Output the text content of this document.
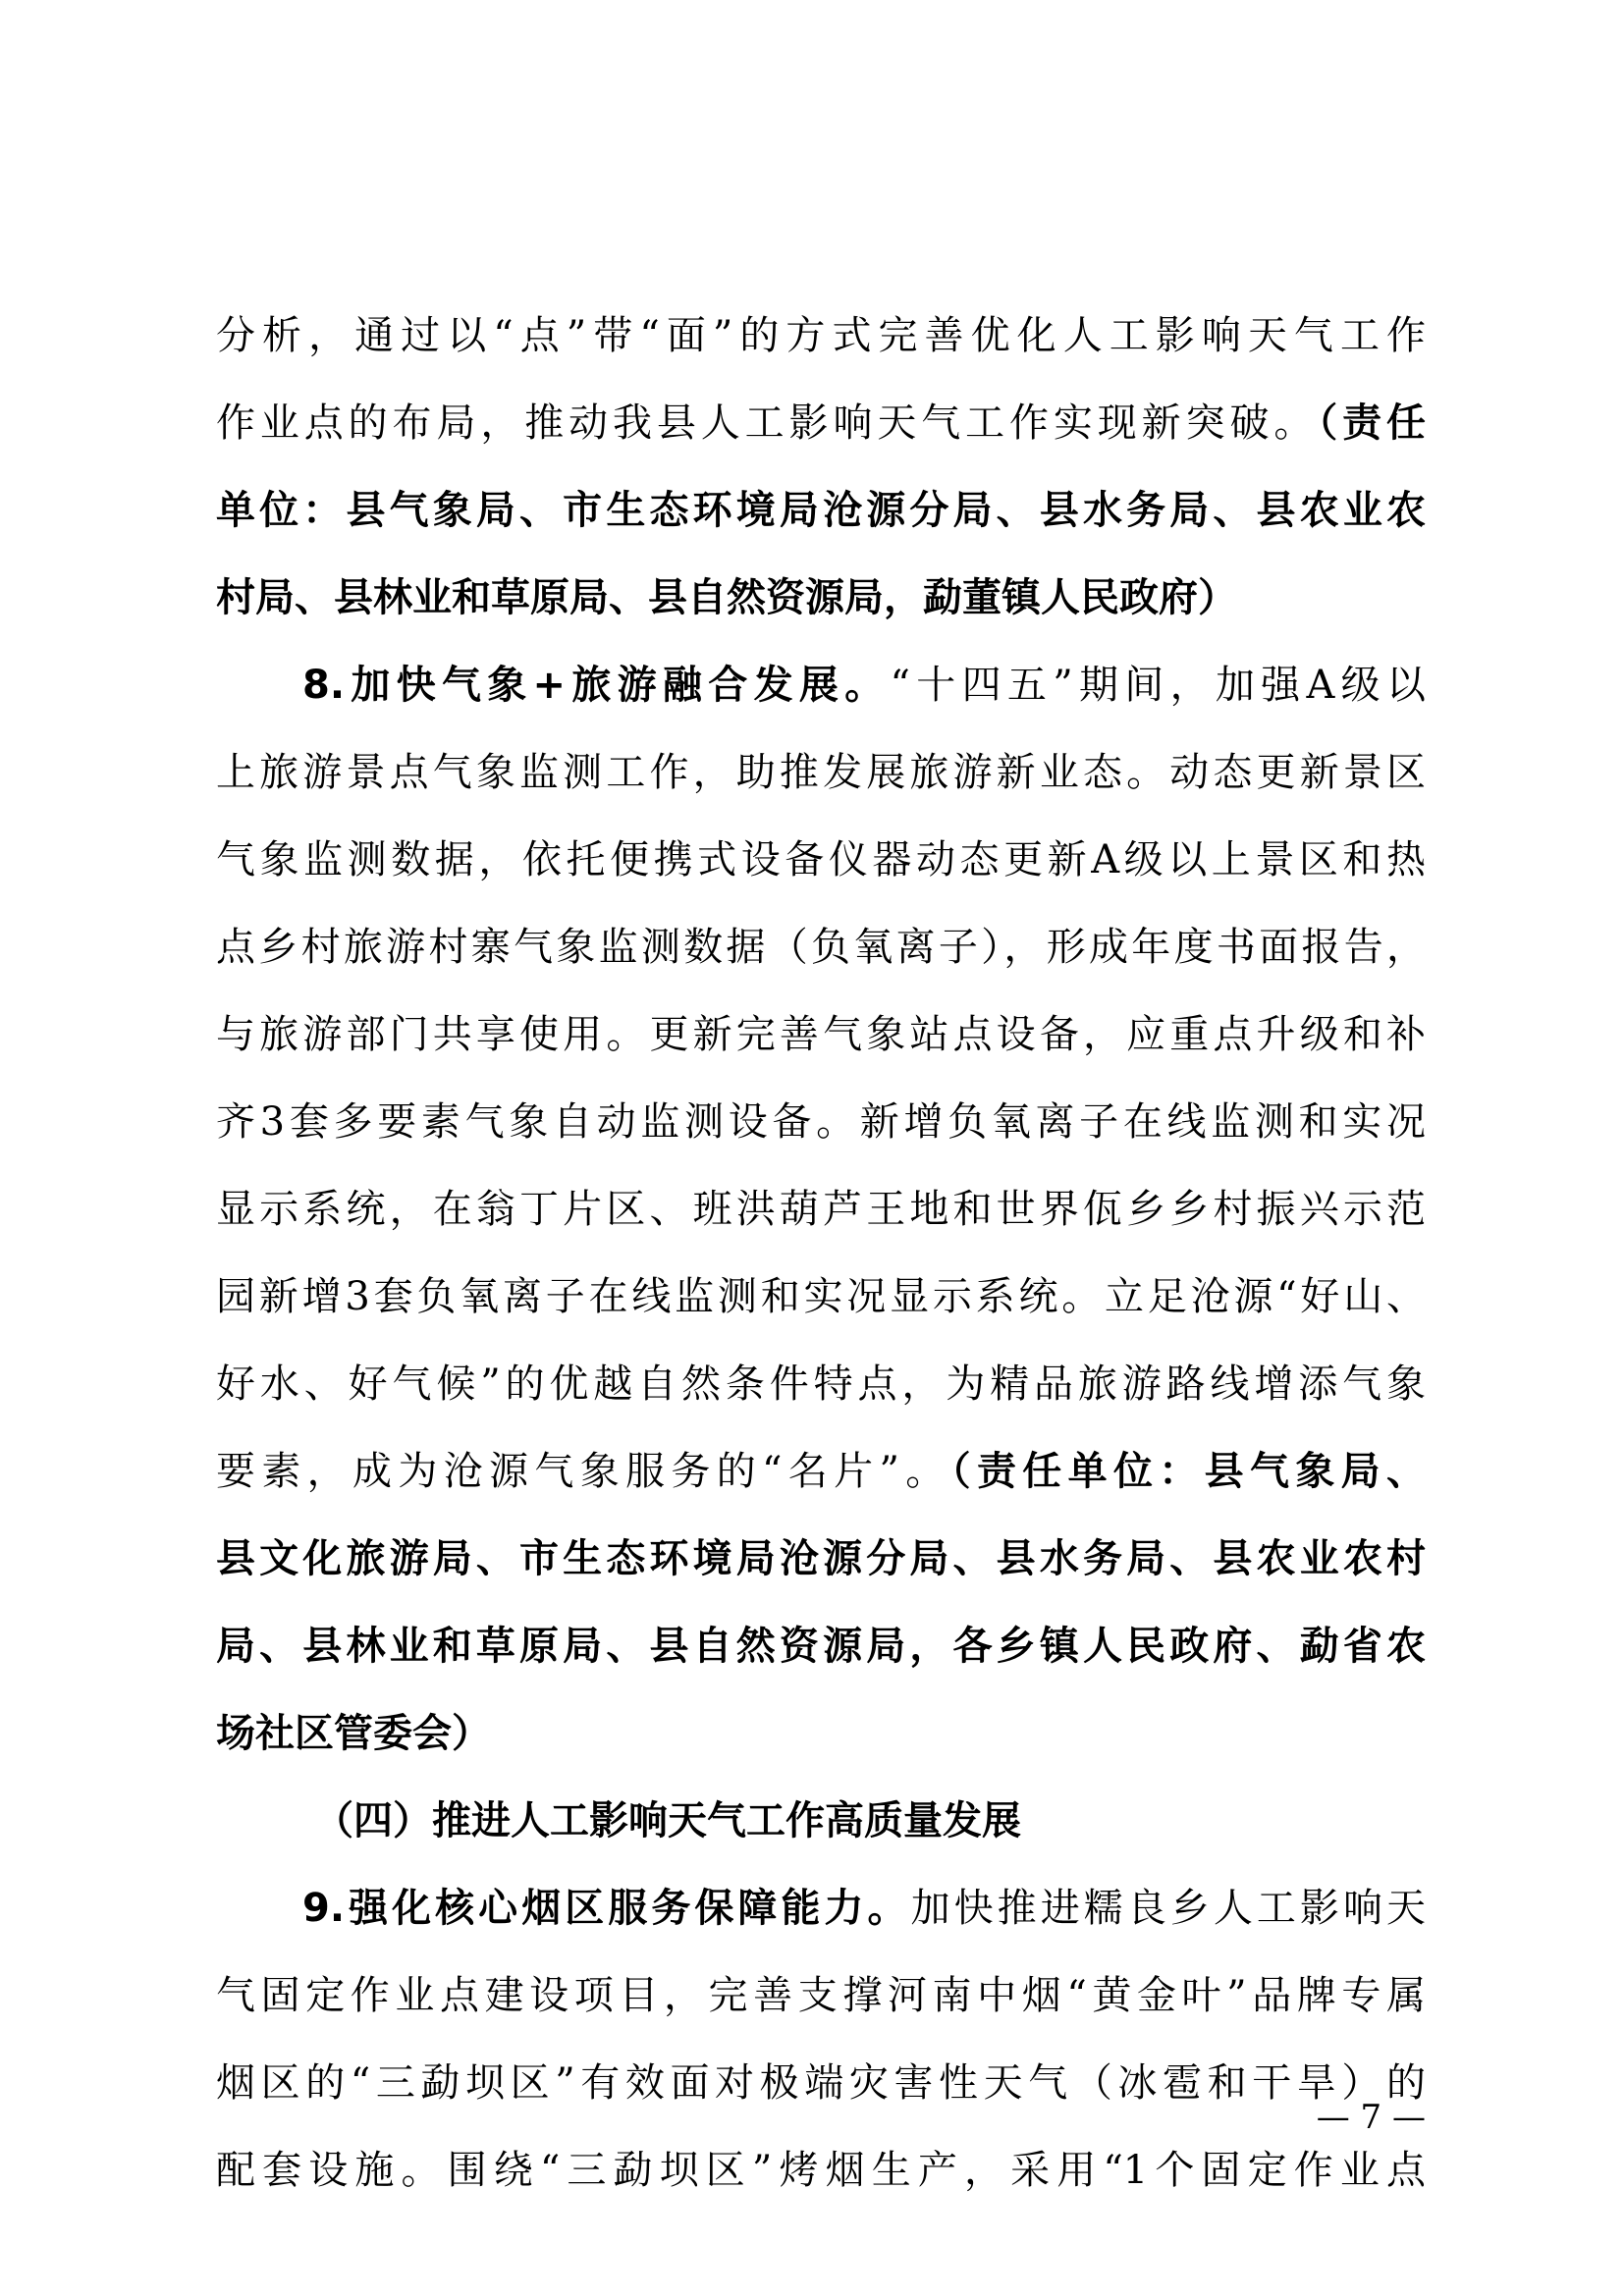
分析，通过以“点”带“面”的方式完善优化人工影响天气工作
作业点的布局，推动我县人工影响天气工作实现新突破。（责任
单位：县气象局、市生态环境局沧源分局、县水务局、县农业农
村局、县林业和草原局、县自然资源局，勐董镇人民政府）
8.加快气象+旅游融合发展。“十四五”期间，加强A级以
上旅游景点气象监测工作，助推发展旅游新业态。动态更新景区
气象监测数据，依托便携式设备仪器动态更新A级以上景区和热
点乡村旅游村寨气象监测数据（负氧离子），形成年度书面报告，
与旅游部门共享使用。更新完善气象站点设备，应重点升级和补
齐3套多要素气象自动监测设备。新增负氧离子在线监测和实况
显示系统，在翁丁片区、班洪葫芦王地和世界佤乡乡村振兴示范
园新增3套负氧离子在线监测和实况显示系统。立足沧源“好山、
好水、好气候”的优越自然条件特点，为精品旅游路线增添气象
要素，成为沧源气象服务的“名片”。（责任单位：县气象局、
县文化旅游局、市生态环境局沧源分局、县水务局、县农业农村
局、县林业和草原局、县自然资源局，各乡镇人民政府、勐省农
场社区管委会）
（四）推进人工影响天气工作高质量发展
9.强化核心烟区服务保障能力。加快推进糯良乡人工影响天
气固定作业点建设项目，完善支撑河南中烟“黄金叶”品牌专属
烟区的“三勐坝区”有效面对极端灾害性天气（冰雹和干旱）的
配套设施。围绕“三勐坝区”烤烟生产，采用“1个固定作业点
— 7 —
